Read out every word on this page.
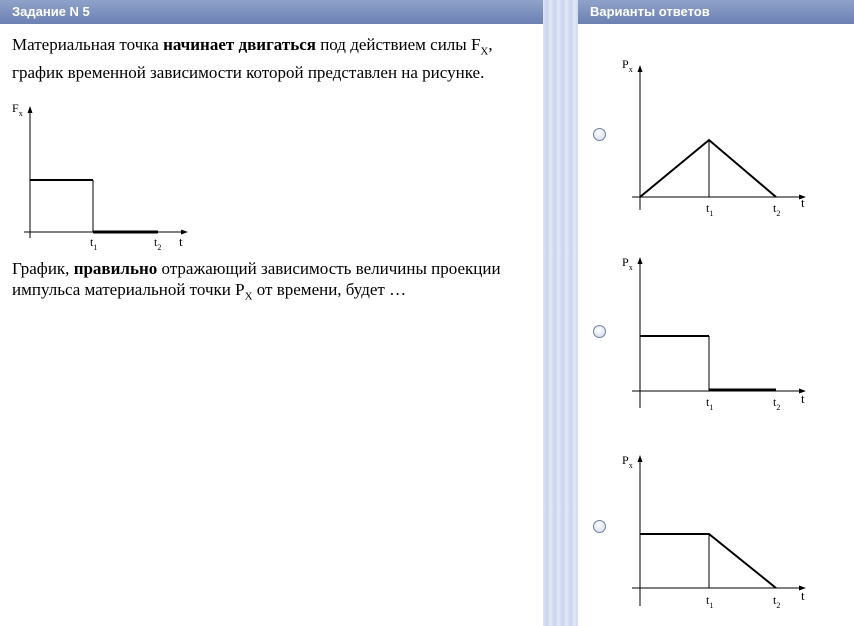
Задание N 5	Варианты ответов

Материальная точка начинает двигаться под действием силы $F_X$, график временной зависимости которой представлен на рисунке.

$F_x$
t
$t_1$	$t_2$

График, правильно отражающий зависимость величины проекции импульса материальной точки $P_X$ от времени, будет …

$P_x$
t
$t_1$	$t_2$
$P_x$
t
$t_1$	$t_2$
$P_x$
t
$t_1$	$t_2$
